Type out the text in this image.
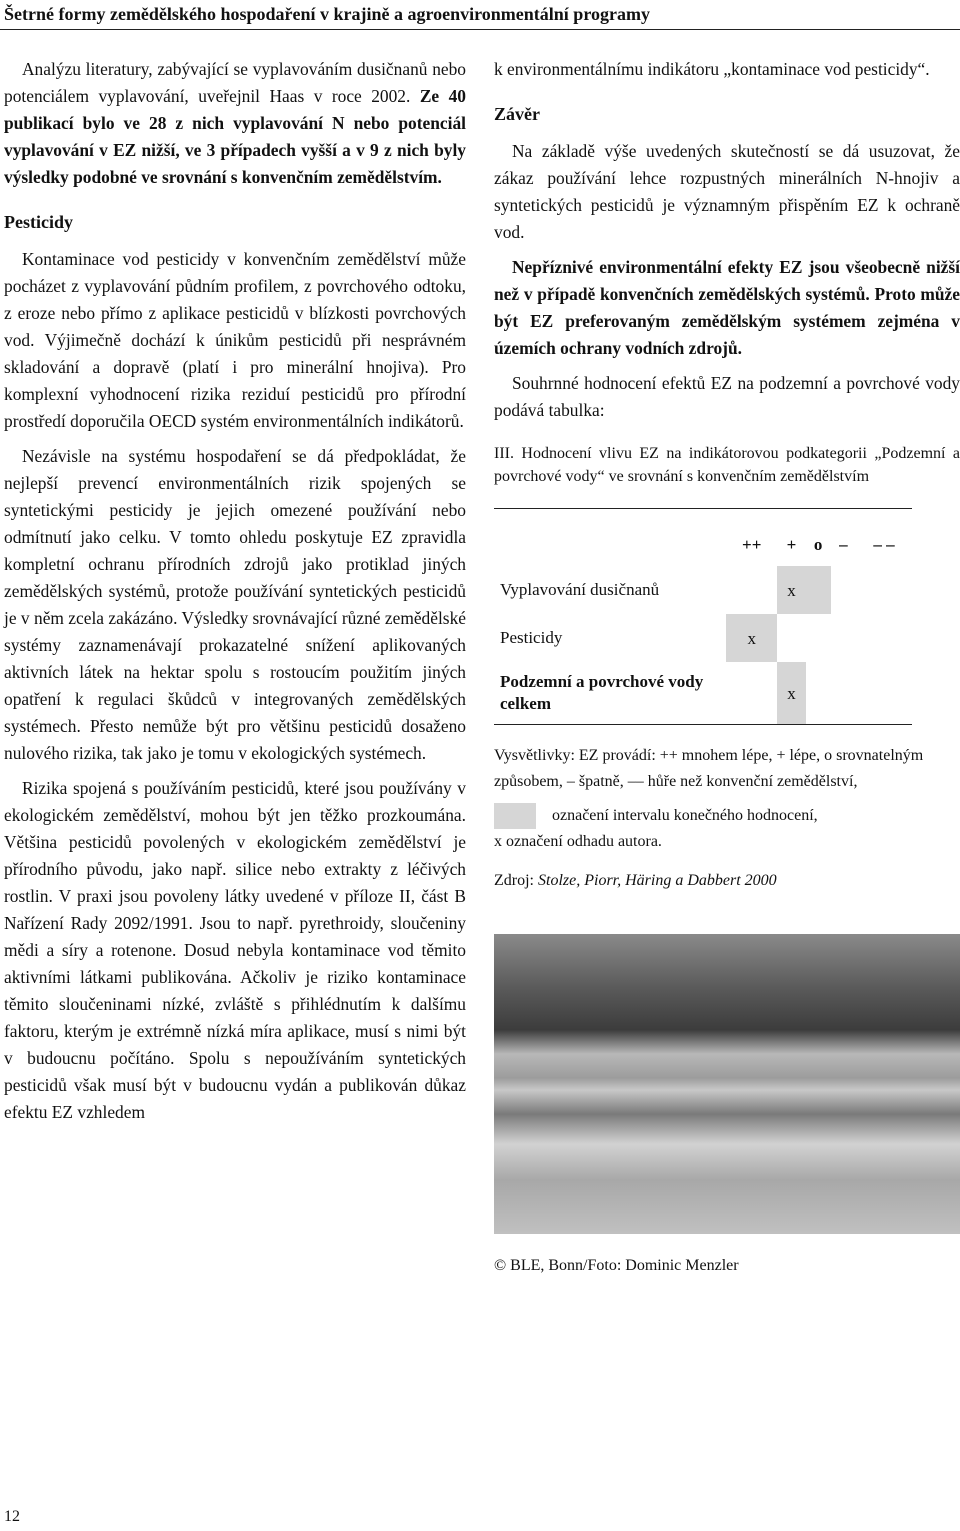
Šetrné formy zemědělského hospodaření v krajině a agroenvironmentální programy

Analýzu literatury, zabývající se vyplavováním dusičnanů nebo potenciálem vyplavování, uveřejnil Haas v roce 2002. Ze 40 publikací bylo ve 28 z nich vyplavování N nebo potenciál vyplavování v EZ nižší, ve 3 případech vyšší a v 9 z nich byly výsledky podobné ve srovnání s konvenčním zemědělstvím.

Pesticidy

Kontaminace vod pesticidy v konvenčním zemědělství může pocházet z vyplavování půdním profilem, z povrchového odtoku, z eroze nebo přímo z aplikace pesticidů v blízkosti povrchových vod. Výjimečně dochází k únikům pesticidů při nesprávném skladování a dopravě (platí i pro minerální hnojiva). Pro komplexní vyhodnocení rizika reziduí pesticidů pro přírodní prostředí doporučila OECD systém environmentálních indikátorů.

Nezávisle na systému hospodaření se dá předpokládat, že nejlepší prevencí environmentálních rizik spojených se syntetickými pesticidy je jejich omezené používání nebo odmítnutí jako celku. V tomto ohledu poskytuje EZ zpravidla kompletní ochranu přírodních zdrojů jako protiklad jiných zemědělských systémů, protože používání syntetických pesticidů je v něm zcela zakázáno. Výsledky srovnávající různé zemědělské systémy zaznamenávají prokazatelné snížení aplikovaných aktivních látek na hektar spolu s rostoucím použitím jiných opatření k regulaci škůdců v integrovaných zemědělských systémech. Přesto nemůže být pro většinu pesticidů dosaženo nulového rizika, tak jako je tomu v ekologických systémech.

Rizika spojená s používáním pesticidů, které jsou používány v ekologickém zemědělství, mohou být jen těžko prozkoumána. Většina pesticidů povolených v ekologickém zemědělství je přírodního původu, jako např. silice nebo extrakty z léčivých rostlin. V praxi jsou povoleny látky uvedené v příloze II, část B Nařízení Rady 2092/1991. Jsou to např. pyrethroidy, sloučeniny mědi a síry a rotenone. Dosud nebyla kontaminace vod těmito aktivními látkami publikována. Ačkoliv je riziko kontaminace těmito sloučeninami nízké, zvláště s přihlédnutím k dalšímu faktoru, kterým je extrémně nízká míra aplikace, musí s nimi být v budoucnu počítáno. Spolu s nepoužíváním syntetických pesticidů však musí být v budoucnu vydán a publikován důkaz efektu EZ vzhledem

k environmentálnímu indikátoru „kontaminace vod pesticidy“.

Závěr

Na základě výše uvedených skutečností se dá usuzovat, že zákaz používání lehce rozpustných minerálních N-hnojiv a syntetických pesticidů je významným přispěním EZ k ochraně vod.

Nepříznivé environmentální efekty EZ jsou všeobecně nižší než v případě konvenčních zemědělských systémů. Proto může být EZ preferovaným zemědělským systémem zejména v územích ochrany vodních zdrojů.

Souhrnné hodnocení efektů EZ na podzemní a povrchové vody podává tabulka:

III. Hodnocení vlivu EZ na indikátorovou podkategorii „Podzemní a povrchové vody“ ve srovnání s konvenčním zemědělstvím

	++	+	o	–	– –
Vyplavování dusičnanů		x			
Pesticidy	x				
Podzemní a povrchové vody celkem		x			
Vysvětlivky: EZ provádí: ++ mnohem lépe, + lépe, o srovnatelným způsobem, – špatně, –– hůře než konvenční zemědělství,
označení intervalu konečného hodnocení,
x označení odhadu autora.
Zdroj: Stolze, Piorr, Häring a Dabbert 2000
© BLE, Bonn/Foto: Dominic Menzler
12
